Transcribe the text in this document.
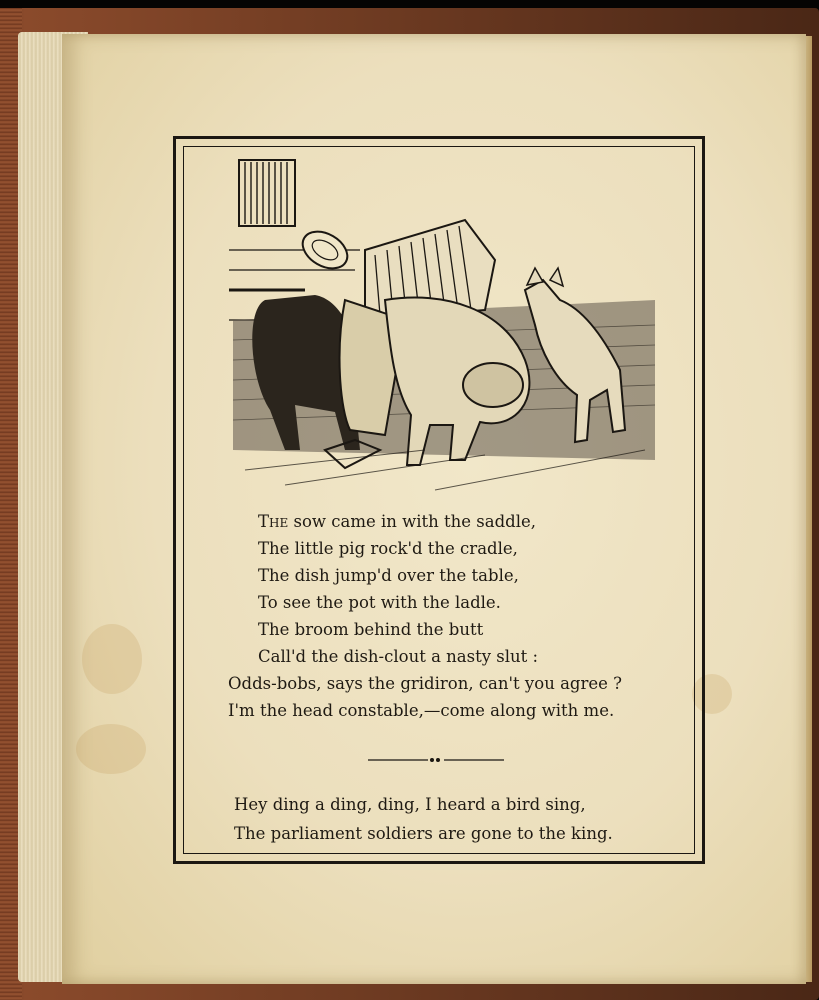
The sow came in with the saddle,
The little pig rock'd the cradle,
The dish jump'd over the table,
To see the pot with the ladle.
The broom behind the butt
Call'd the dish-clout a nasty slut :
Odds-bobs, says the gridiron, can't you agree ?
I'm the head constable,—come along with me.
Hey ding a ding, ding, I heard a bird sing,
The parliament soldiers are gone to the king.
